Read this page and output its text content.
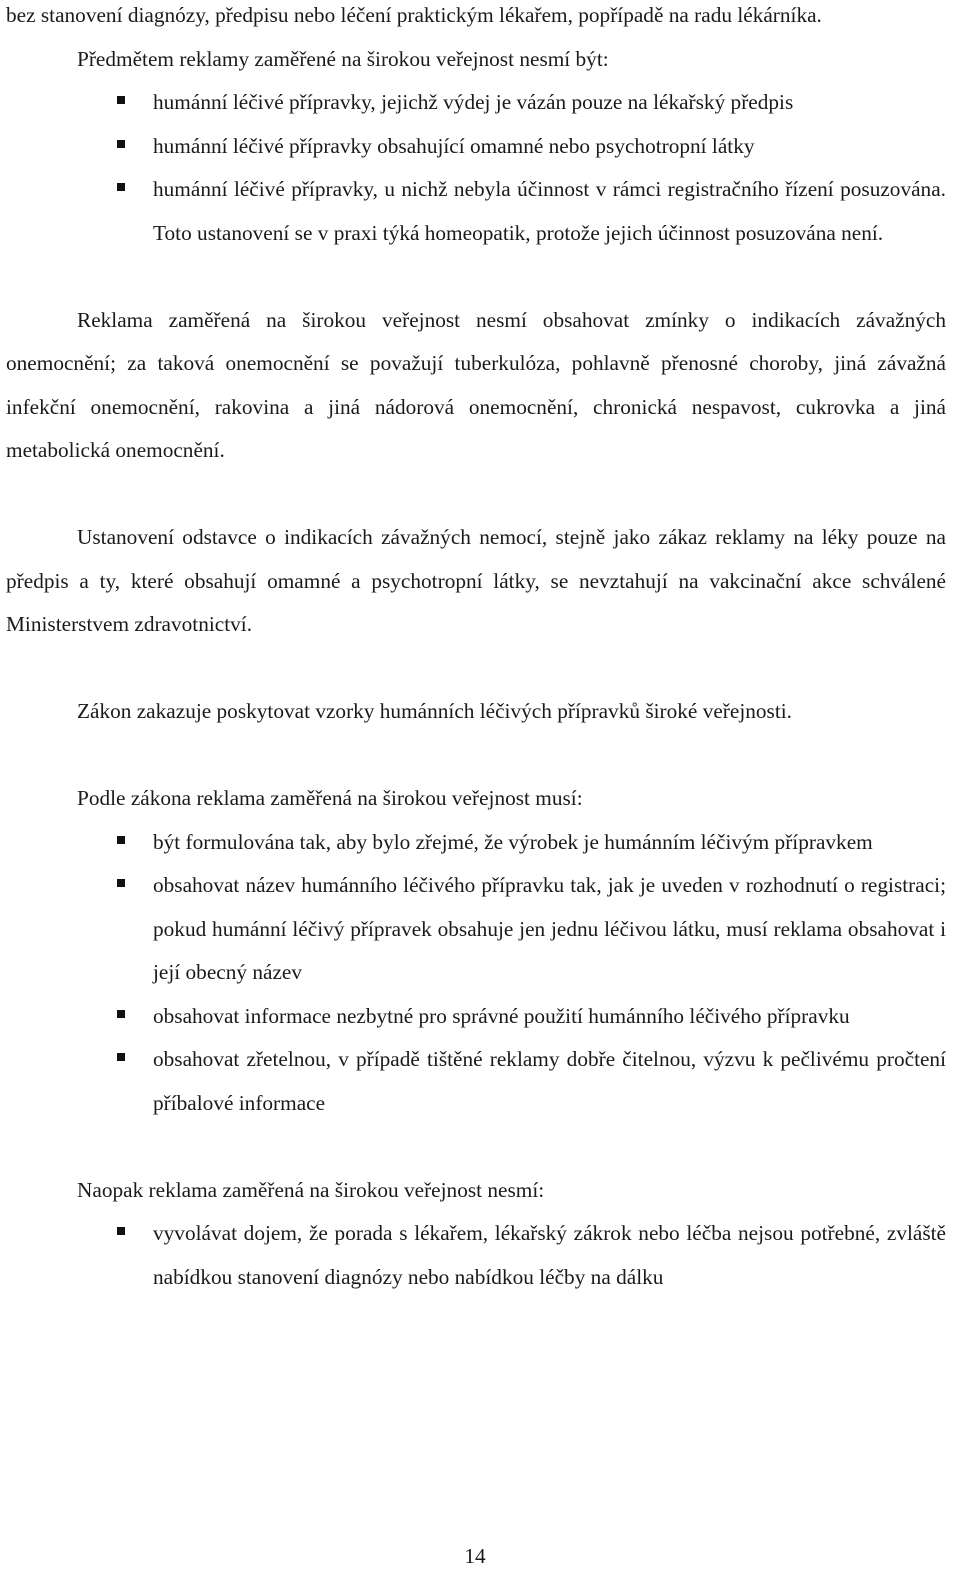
bez stanovení diagnózy, předpisu nebo léčení praktickým lékařem, popřípadě na radu lékárníka.

Předmětem reklamy zaměřené na širokou veřejnost nesmí být:

humánní léčivé přípravky, jejichž výdej je vázán pouze na lékařský předpis
humánní léčivé přípravky obsahující omamné nebo psychotropní látky
humánní léčivé přípravky, u nichž nebyla účinnost v rámci registračního řízení posuzována. Toto ustanovení se v praxi týká homeopatik, protože jejich účinnost posuzována není.

Reklama zaměřená na širokou veřejnost nesmí obsahovat zmínky o indikacích závažných onemocnění; za taková onemocnění se považují tuberkulóza, pohlavně přenosné choroby, jiná závažná infekční onemocnění, rakovina a jiná nádorová onemocnění, chronická nespavost, cukrovka a jiná metabolická onemocnění.

Ustanovení odstavce o indikacích závažných nemocí, stejně jako zákaz reklamy na léky pouze na předpis a ty, které obsahují omamné a psychotropní látky, se nevztahují na vakcinační akce schválené Ministerstvem zdravotnictví.

Zákon zakazuje poskytovat vzorky humánních léčivých přípravků široké veřejnosti.

Podle zákona reklama zaměřená na širokou veřejnost musí:

být formulována tak, aby bylo zřejmé, že výrobek je humánním léčivým přípravkem
obsahovat název humánního léčivého přípravku tak, jak je uveden v rozhodnutí o registraci; pokud humánní léčivý přípravek obsahuje jen jednu léčivou látku, musí reklama obsahovat i její obecný název
obsahovat informace nezbytné pro správné použití humánního léčivého přípravku
obsahovat zřetelnou, v případě tištěné reklamy dobře čitelnou, výzvu k pečlivému pročtení příbalové informace

Naopak reklama zaměřená na širokou veřejnost nesmí:

vyvolávat dojem, že porada s lékařem, lékařský zákrok nebo léčba nejsou potřebné, zvláště nabídkou stanovení diagnózy nebo nabídkou léčby na dálku
14
